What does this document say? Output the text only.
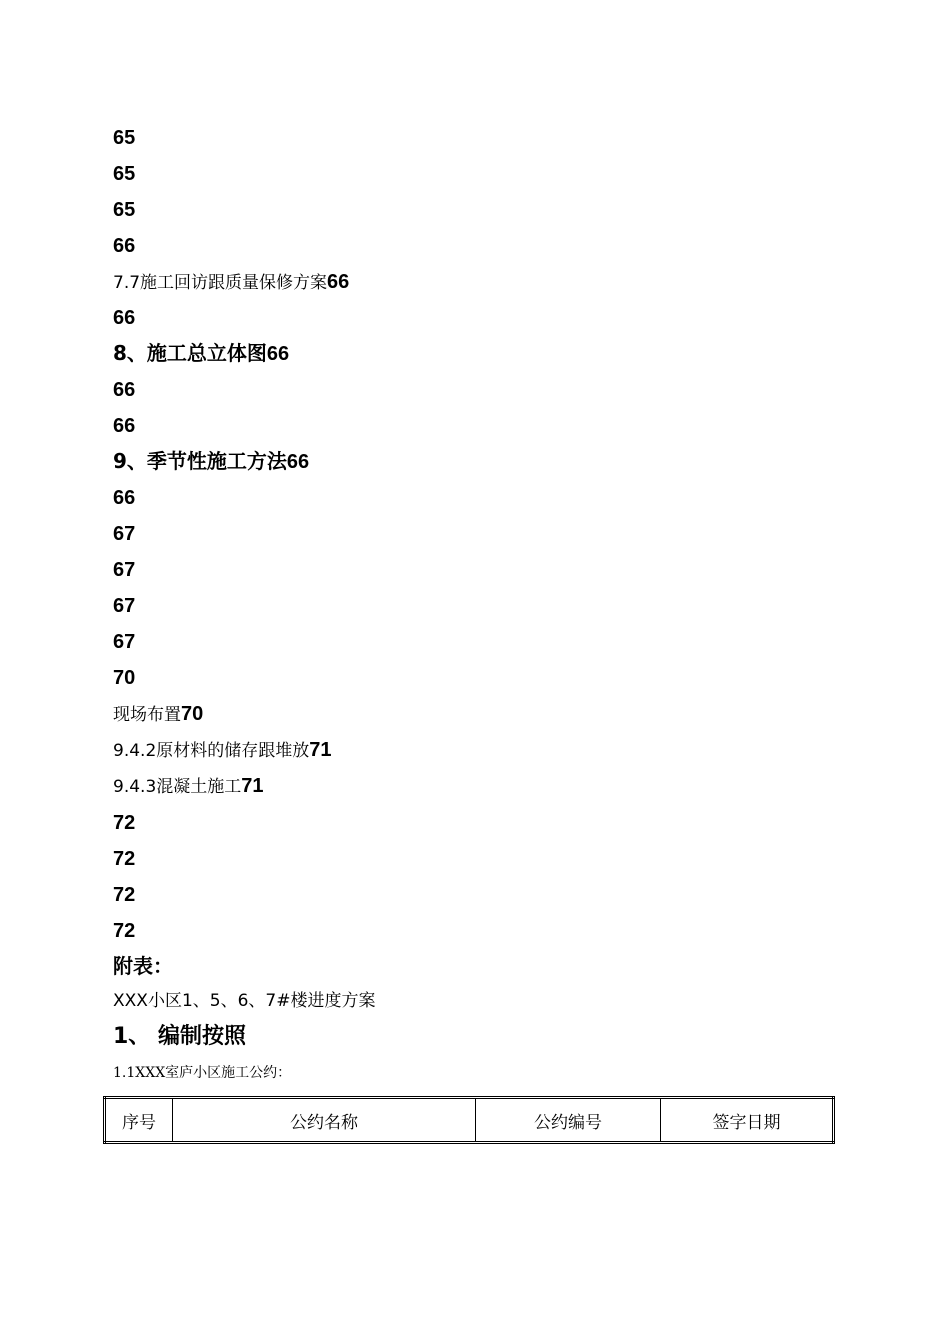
65
65
65
66
7.7施工回访跟质量保修方案66
66
8、施工总立体图66
66
66
9、季节性施工方法66
66
67
67
67
67
70
现场布置70
9.4.2原材料的储存跟堆放71
9.4.3混凝土施工71
72
72
72
72
附表：
XXX小区1、5、6、7#楼进度方案
1、 编制按照
1.1XXX室庐小区施工公约：
序号	公约名称	公约编号	签字日期
